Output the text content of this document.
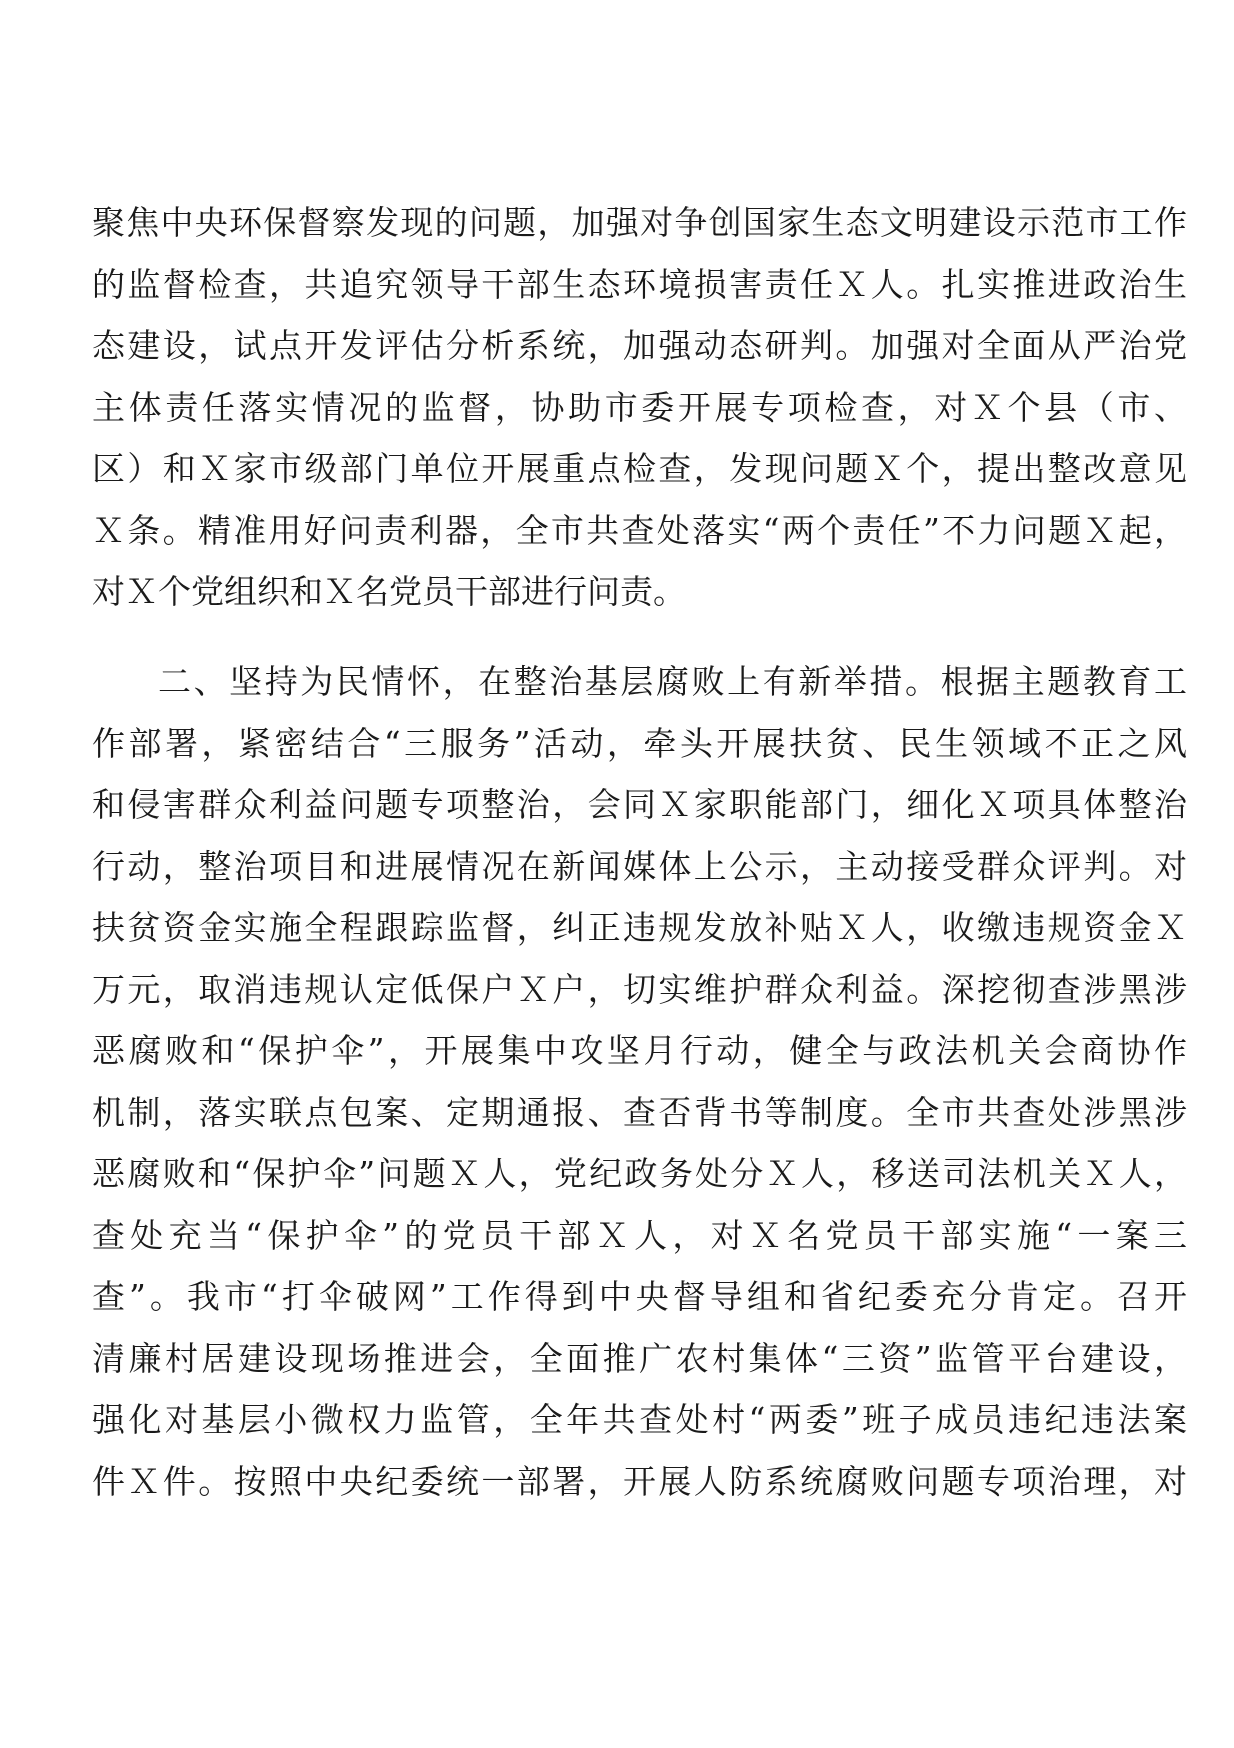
聚焦中央环保督察发现的问题，加强对争创国家生态文明建设示范市工作
的监督检查，共追究领导干部生态环境损害责任Ｘ人。扎实推进政治生
态建设，试点开发评估分析系统，加强动态研判。加强对全面从严治党
主体责任落实情况的监督，协助市委开展专项检查，对Ｘ个县（市、
区）和Ｘ家市级部门单位开展重点检查，发现问题Ｘ个，提出整改意见
Ｘ条。精准用好问责利器，全市共查处落实“两个责任”不力问题Ｘ起，
对Ｘ个党组织和Ｘ名党员干部进行问责。
二、坚持为民情怀，在整治基层腐败上有新举措。根据主题教育工
作部署，紧密结合“三服务”活动，牵头开展扶贫、民生领域不正之风
和侵害群众利益问题专项整治，会同Ｘ家职能部门，细化Ｘ项具体整治
行动，整治项目和进展情况在新闻媒体上公示，主动接受群众评判。对
扶贫资金实施全程跟踪监督，纠正违规发放补贴Ｘ人，收缴违规资金Ｘ
万元，取消违规认定低保户Ｘ户，切实维护群众利益。深挖彻查涉黑涉
恶腐败和“保护伞”，开展集中攻坚月行动，健全与政法机关会商协作
机制，落实联点包案、定期通报、查否背书等制度。全市共查处涉黑涉
恶腐败和“保护伞”问题Ｘ人，党纪政务处分Ｘ人，移送司法机关Ｘ人，
查处充当“保护伞”的党员干部Ｘ人，对Ｘ名党员干部实施“一案三
查”。我市“打伞破网”工作得到中央督导组和省纪委充分肯定。召开
清廉村居建设现场推进会，全面推广农村集体“三资”监管平台建设，
强化对基层小微权力监管，全年共查处村“两委”班子成员违纪违法案
件Ｘ件。按照中央纪委统一部署，开展人防系统腐败问题专项治理，对
